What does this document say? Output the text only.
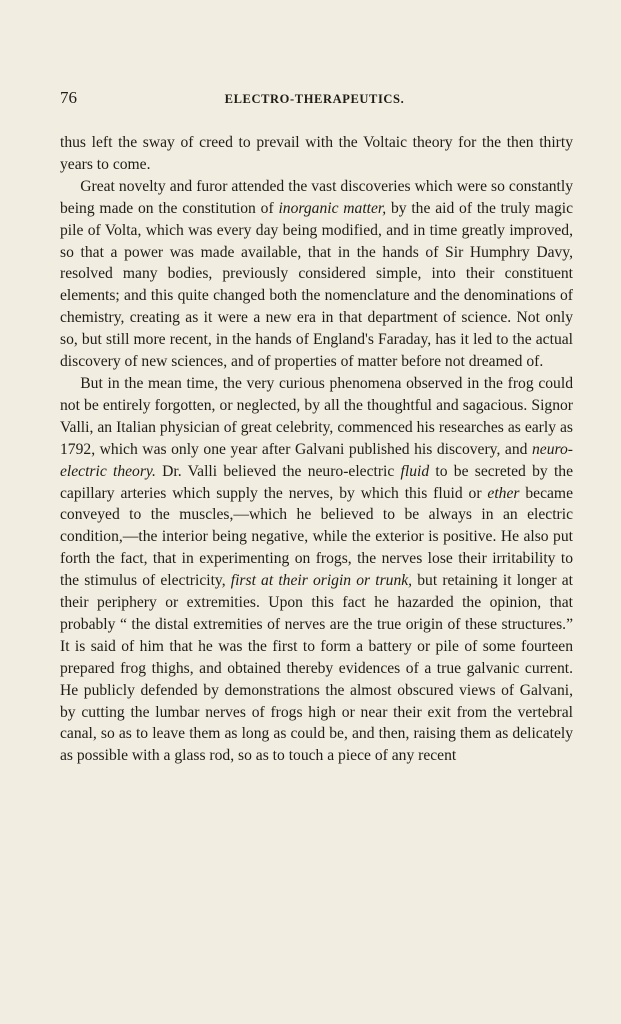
76	ELECTRO-THERAPEUTICS.

thus left the sway of creed to prevail with the Voltaic theory for the then thirty years to come.

Great novelty and furor attended the vast discoveries which were so constantly being made on the constitution of inorganic matter, by the aid of the truly magic pile of Volta, which was every day being modified, and in time greatly improved, so that a power was made available, that in the hands of Sir Humphry Davy, resolved many bodies, previously considered simple, into their constituent elements; and this quite changed both the nomenclature and the denominations of chemistry, creating as it were a new era in that department of science. Not only so, but still more recent, in the hands of England's Faraday, has it led to the actual discovery of new sciences, and of properties of matter before not dreamed of.

But in the mean time, the very curious phenomena observed in the frog could not be entirely forgotten, or neglected, by all the thoughtful and sagacious. Signor Valli, an Italian physician of great celebrity, commenced his researches as early as 1792, which was only one year after Galvani published his discovery, and neuro-electric theory. Dr. Valli believed the neuro-electric fluid to be secreted by the capillary arteries which supply the nerves, by which this fluid or ether became conveyed to the muscles,—which he believed to be always in an electric condition,—the interior being negative, while the exterior is positive. He also put forth the fact, that in experimenting on frogs, the nerves lose their irritability to the stimulus of electricity, first at their origin or trunk, but retaining it longer at their periphery or extremities. Upon this fact he hazarded the opinion, that probably “ the distal extremities of nerves are the true origin of these structures.” It is said of him that he was the first to form a battery or pile of some fourteen prepared frog thighs, and obtained thereby evidences of a true galvanic current. He publicly defended by demonstrations the almost obscured views of Galvani, by cutting the lumbar nerves of frogs high or near their exit from the vertebral canal, so as to leave them as long as could be, and then, raising them as delicately as possible with a glass rod, so as to touch a piece of any recent
